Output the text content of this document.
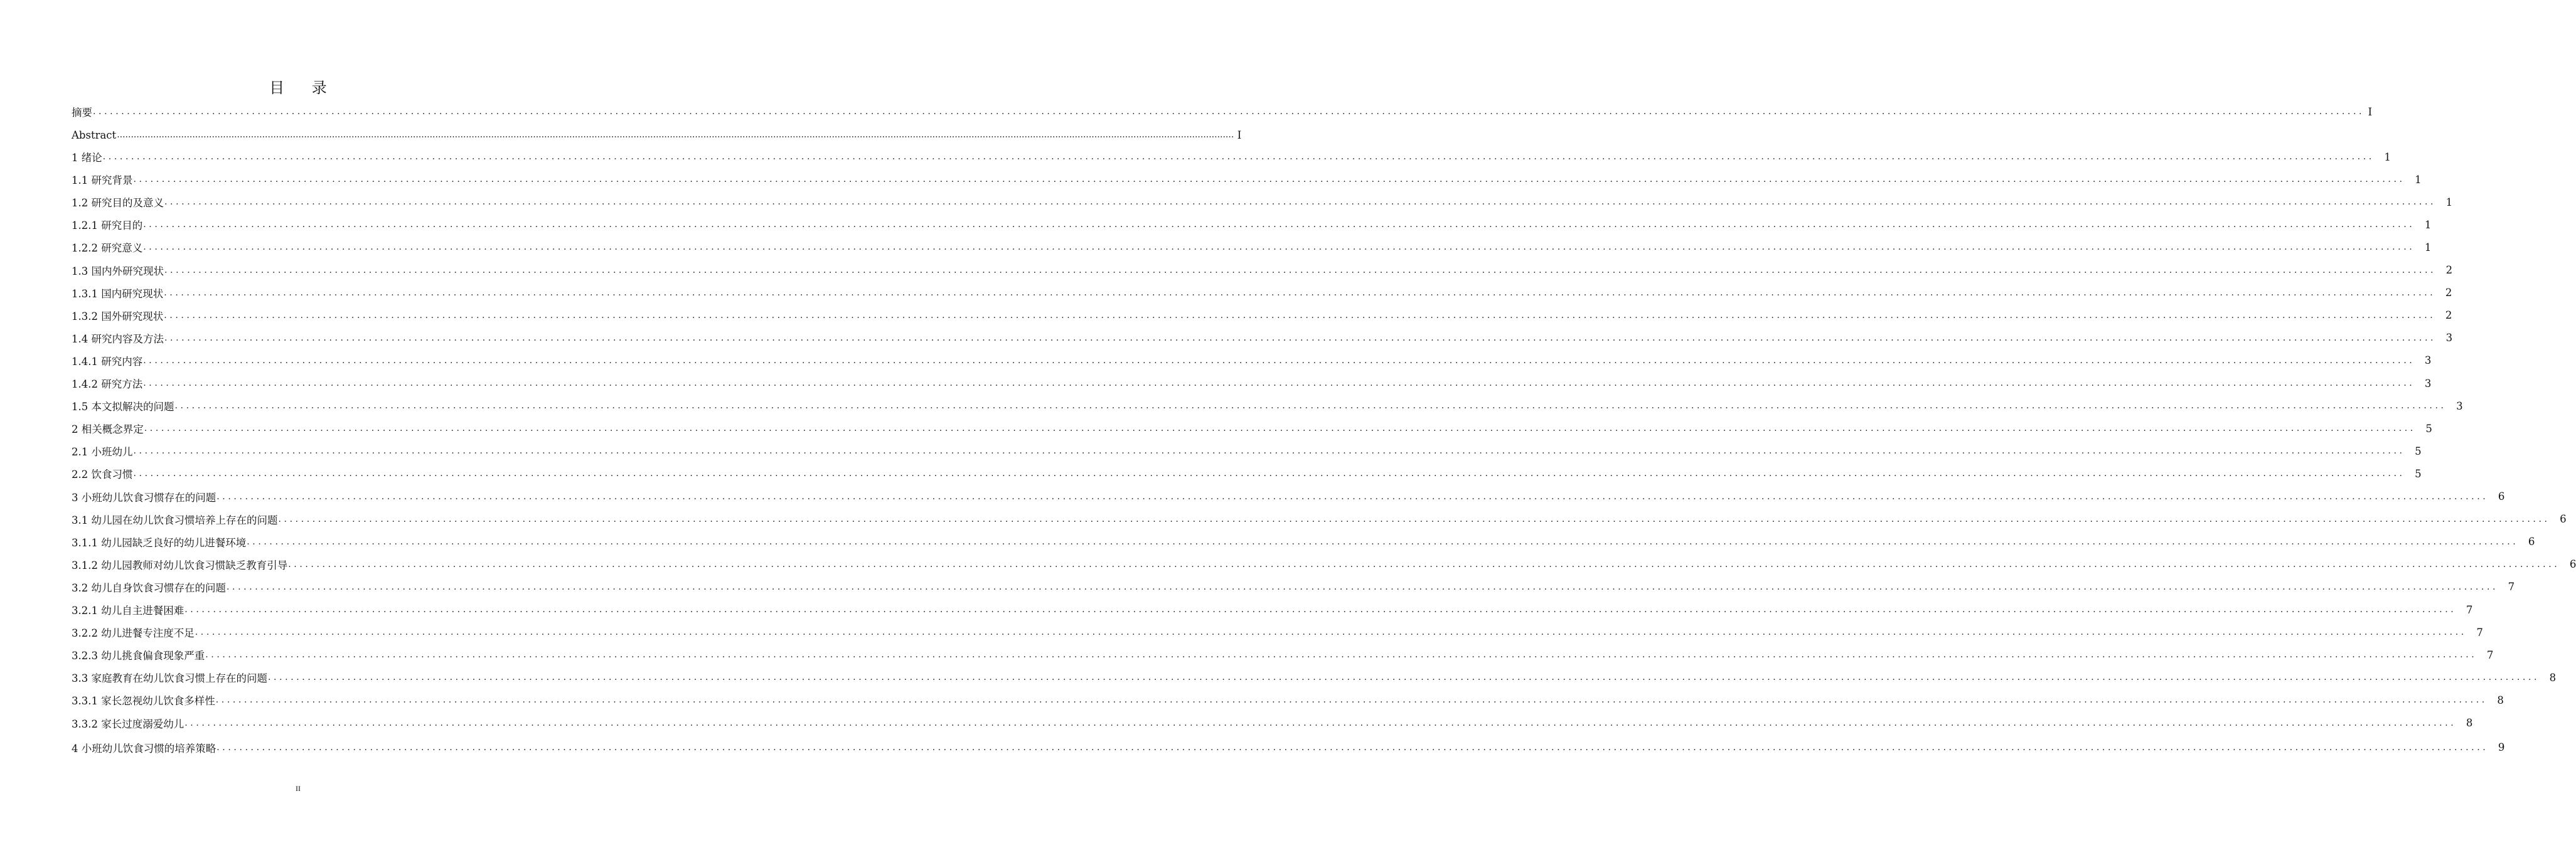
目 录
摘要 ................................................................................................................................................................................................................................................................................................................................................................................................................ I
Abstract ................................................................................................................................................................................................................................................................................................................................................................................................................ I
1 绪论 ................................................................................................................................................................................................................................................................................................................................................................................................................ 1
1.1 研究背景 ................................................................................................................................................................................................................................................................................................................................................................................................................ 1
1.2 研究目的及意义 ................................................................................................................................................................................................................................................................................................................................................................................................................ 1
1.2.1 研究目的 ................................................................................................................................................................................................................................................................................................................................................................................................................ 1
1.2.2 研究意义 ................................................................................................................................................................................................................................................................................................................................................................................................................ 1
1.3 国内外研究现状 ................................................................................................................................................................................................................................................................................................................................................................................................................ 2
1.3.1 国内研究现状 ................................................................................................................................................................................................................................................................................................................................................................................................................ 2
1.3.2 国外研究现状 ................................................................................................................................................................................................................................................................................................................................................................................................................ 2
1.4 研究内容及方法 ................................................................................................................................................................................................................................................................................................................................................................................................................ 3
1.4.1 研究内容 ................................................................................................................................................................................................................................................................................................................................................................................................................ 3
1.4.2 研究方法 ................................................................................................................................................................................................................................................................................................................................................................................................................ 3
1.5 本文拟解决的问题 ................................................................................................................................................................................................................................................................................................................................................................................................................ 3
2 相关概念界定 ................................................................................................................................................................................................................................................................................................................................................................................................................ 5
2.1 小班幼儿 ................................................................................................................................................................................................................................................................................................................................................................................................................ 5
2.2 饮食习惯 ................................................................................................................................................................................................................................................................................................................................................................................................................ 5
3 小班幼儿饮食习惯存在的问题 ................................................................................................................................................................................................................................................................................................................................................................................................................ 6
3.1 幼儿园在幼儿饮食习惯培养上存在的问题 ................................................................................................................................................................................................................................................................................................................................................................................................................ 6
3.1.1 幼儿园缺乏良好的幼儿进餐环境 ................................................................................................................................................................................................................................................................................................................................................................................................................ 6
3.1.2 幼儿园教师对幼儿饮食习惯缺乏教育引导 ................................................................................................................................................................................................................................................................................................................................................................................................................ 6
3.2 幼儿自身饮食习惯存在的问题 ................................................................................................................................................................................................................................................................................................................................................................................................................ 7
3.2.1 幼儿自主进餐困难 ................................................................................................................................................................................................................................................................................................................................................................................................................ 7
3.2.2 幼儿进餐专注度不足 ................................................................................................................................................................................................................................................................................................................................................................................................................ 7
3.2.3 幼儿挑食偏食现象严重 ................................................................................................................................................................................................................................................................................................................................................................................................................ 7
3.3 家庭教育在幼儿饮食习惯上存在的问题 ................................................................................................................................................................................................................................................................................................................................................................................................................ 8
3.3.1 家长忽视幼儿饮食多样性 ................................................................................................................................................................................................................................................................................................................................................................................................................ 8
3.3.2 家长过度溺爱幼儿 ................................................................................................................................................................................................................................................................................................................................................................................................................ 8
4 小班幼儿饮食习惯的培养策略 ................................................................................................................................................................................................................................................................................................................................................................................................................ 9
II
